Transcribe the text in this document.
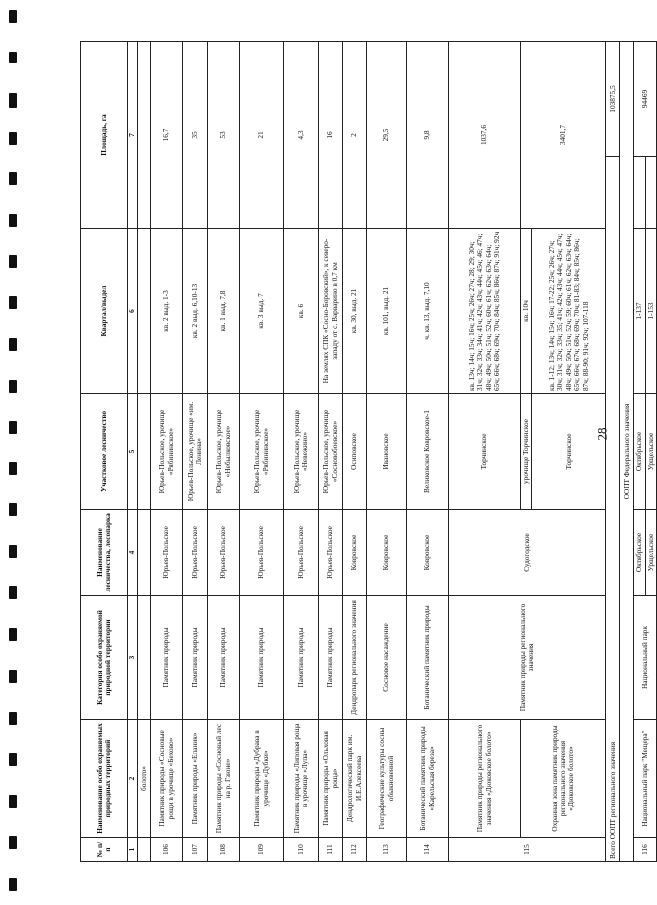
28
№ п/п	Наименование особо охраняемых природных территорий	Категория особо охраняемой природной территории	Наименование лесничества, лесопарка	Участковое лесничество	Квартал/выдел	Площадь, га	
1	2	3	4	5	6	7	
	болото»						
106	Памятник природы «Сосновые рощи в урочище «Бехово»	Памятник природы	Юрьев-Польское	Юрьев-Польское, урочище «Рябининское»	кв. 2 выд. 1-3	16,7	
107	Памятник природы «Еланик»	Памятник природы	Юрьев-Польское	Юрьев-Польское, урочище «им. Ленина»	кв. 2 выд. 6,10-13	35	
108	Памятник природы «Сосновый лес на р. Гзюне»	Памятник природы	Юрьев-Польское	Юрьев-Польское, урочище «Небылковское»	кв. 1 выд. 7,8	53	
109	Памятник природы «Дубрава в урочище «Дубки»	Памятник природы	Юрьев-Польское	Юрьев-Польское, урочище «Рябининское»	кв. 3 выд. 7	21	
110	Памятник природы «Липовая роща в урочище «Лупа»	Памятник природы	Юрьев-Польское	Юрьев-Польское, урочище «Невежино»	кв. 6	4,3	
111	Памятник природы «Ольховая роща»	Памятник природы	Юрьев-Польское	Юрьев-Польское, урочище «Сосновобоевское»	На землях СПК «Сосно-Боровский», к северо-западу от с. Варварино в 0,7 км	16	
112	Дендрологический парк им. И.Е.Алексеева	Дендропарк регионального значения	Ковровское	Осиповское	кв. 30, выд. 21	2	
113	Географические культуры сосны обыкновенной	Сосновое насаждение	Ковровское	Ивановское	кв. 101, выд. 21	29,5	
114	Ботанический памятник природы «Карельская береза»	Ботанический памятник природы	Ковровское	Великовское Ковровское-1	ч. кв. 13, выд. 7,10	9,8	
115	Памятник природы регионального значения «Дюковское болото»	Памятник природы регионального значения	Судогодское	Торчинское	кв. 13ч; 14ч; 15ч; 16ч; 25ч; 26ч; 27ч; 28; 29; 30ч; 31ч; 32ч; 33ч; 34ч; 41ч; 42ч; 43ч; 44ч; 45ч; 46; 47ч; 48ч; 49ч; 50ч; 51ч; 52ч; 60ч; 61ч; 62ч; 63ч; 64ч; 65ч; 66ч; 68ч; 69ч; 70ч; 84ч; 85ч; 86ч; 87ч; 91ч; 92ч	1037,6	
	Охранная зона памятник природы регионального значения «Дюковское болото»			урочище Торчинское	кв. 10ч	3401,7	
				Торчинское	кв. 1-12; 13ч; 14ч; 15ч; 16ч; 17-22; 25ч; 26ч; 27ч; 30ч; 31ч; 32ч; 33ч; 35; 41ч; 42ч; 43ч; 44ч; 45ч; 47ч; 48ч; 49ч; 50ч; 51ч; 52ч; 59; 60ч; 61ч; 62ч; 63ч; 64ч; 65ч; 66ч; 67ч; 68ч; 69ч; 70ч; 81-83; 84ч; 85ч; 86ч; 87ч; 88-90; 91ч; 92ч; 107-118		
Всего ООПТ регионального значения							103875,5
ООПТ Федерального значения							
116	Национальный парк "Мещера"	Национальный парк	Октябрьское	Октябрьское	1-137		94469
			Урщельское	Урщельское	1-153		
